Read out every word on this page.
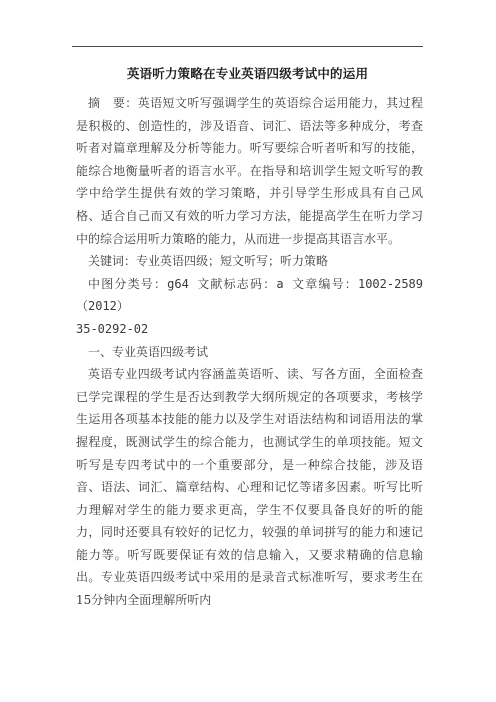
英语听力策略在专业英语四级考试中的运用

摘　要：英语短文听写强调学生的英语综合运用能力，其过程是积极的、创造性的，涉及语音、词汇、语法等多种成分，考查听者对篇章理解及分析等能力。听写要综合听者听和写的技能，能综合地衡量听者的语言水平。在指导和培训学生短文听写的教学中给学生提供有效的学习策略，并引导学生形成具有自己风格、适合自己而又有效的听力学习方法，能提高学生在听力学习中的综合运用听力策略的能力，从而进一步提高其语言水平。

关键词：专业英语四级；短文听写；听力策略

中图分类号：g64 文献标志码：a 文章编号：1002-2589（2012）

35-0292-02

一、专业英语四级考试

英语专业四级考试内容涵盖英语听、读、写各方面，全面检查已学完课程的学生是否达到教学大纲所规定的各项要求，考核学生运用各项基本技能的能力以及学生对语法结构和词语用法的掌握程度，既测试学生的综合能力，也测试学生的单项技能。短文听写是专四考试中的一个重要部分，是一种综合技能，涉及语音、语法、词汇、篇章结构、心理和记忆等诸多因素。听写比听力理解对学生的能力要求更高，学生不仅要具备良好的听的能力，同时还要具有较好的记忆力，较强的单词拼写的能力和速记能力等。听写既要保证有效的信息输入，又要求精确的信息输出。专业英语四级考试中采用的是录音式标准听写，要求考生在15分钟内全面理解所听内
